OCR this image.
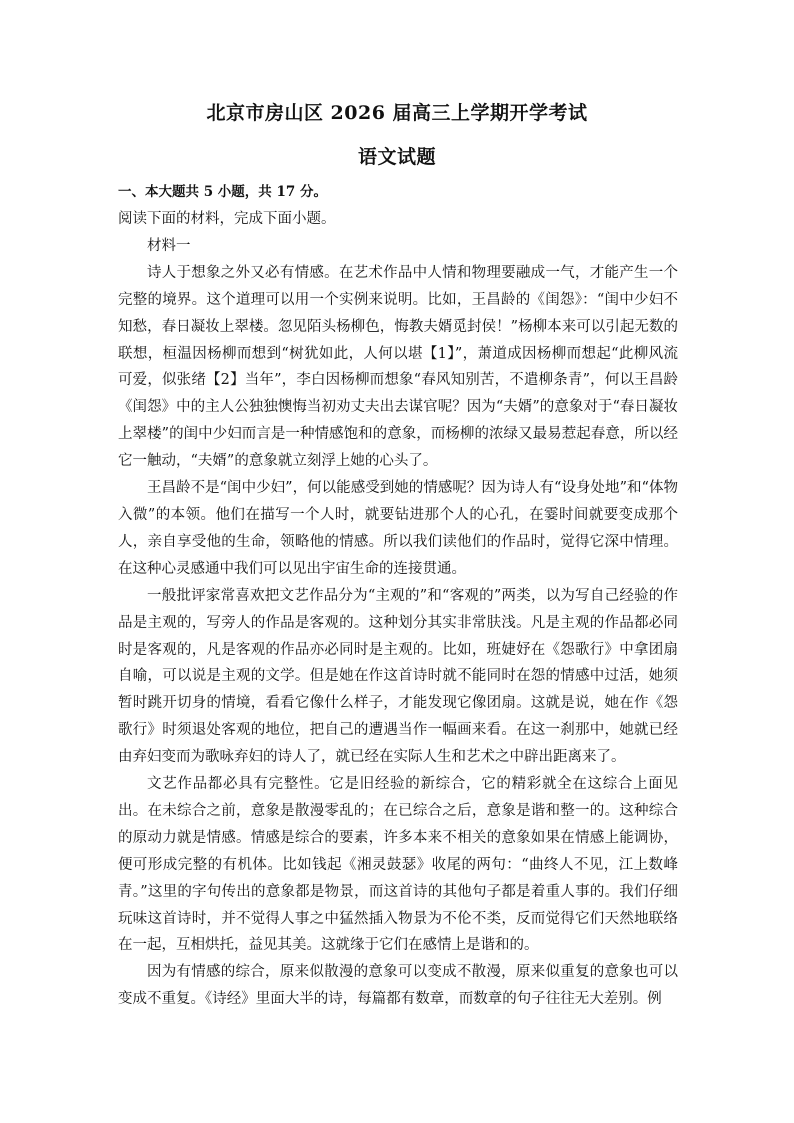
北京市房山区 2026 届高三上学期开学考试
语文试题
一、本大题共 5 小题，共 17 分。

阅读下面的材料，完成下面小题。

材料一

诗人于想象之外又必有情感。在艺术作品中人情和物理要融成一气，才能产生一个完整的境界。这个道理可以用一个实例来说明。比如，王昌龄的《闺怨》：“闺中少妇不知愁，春日凝妆上翠楼。忽见陌头杨柳色，悔教夫婿觅封侯！”杨柳本来可以引起无数的联想，桓温因杨柳而想到“树犹如此，人何以堪【1】”，萧道成因杨柳而想起“此柳风流可爱，似张绪【2】当年”，李白因杨柳而想象“春风知别苦，不遣柳条青”，何以王昌龄《闺怨》中的主人公独独懊悔当初劝丈夫出去谋官呢？因为“夫婿”的意象对于“春日凝妆上翠楼”的闺中少妇而言是一种情感饱和的意象，而杨柳的浓绿又最易惹起春意，所以经它一触动，“夫婿”的意象就立刻浮上她的心头了。

王昌龄不是“闺中少妇”，何以能感受到她的情感呢？因为诗人有“设身处地”和“体物入微”的本领。他们在描写一个人时，就要钻进那个人的心孔，在霎时间就要变成那个人，亲自享受他的生命，领略他的情感。所以我们读他们的作品时，觉得它深中情理。在这种心灵感通中我们可以见出宇宙生命的连接贯通。

一般批评家常喜欢把文艺作品分为“主观的”和“客观的”两类，以为写自己经验的作品是主观的，写旁人的作品是客观的。这种划分其实非常肤浅。凡是主观的作品都必同时是客观的，凡是客观的作品亦必同时是主观的。比如，班婕妤在《怨歌行》中拿团扇自喻，可以说是主观的文学。但是她在作这首诗时就不能同时在怨的情感中过活，她须暂时跳开切身的情境，看看它像什么样子，才能发现它像团扇。这就是说，她在作《怨歌行》时须退处客观的地位，把自己的遭遇当作一幅画来看。在这一刹那中，她就已经由弃妇变而为歌咏弃妇的诗人了，就已经在实际人生和艺术之中辟出距离来了。

文艺作品都必具有完整性。它是旧经验的新综合，它的精彩就全在这综合上面见出。在未综合之前，意象是散漫零乱的；在已综合之后，意象是谐和整一的。这种综合的原动力就是情感。情感是综合的要素，许多本来不相关的意象如果在情感上能调协，便可形成完整的有机体。比如钱起《湘灵鼓瑟》收尾的两句：“曲终人不见，江上数峰青。”这里的字句传出的意象都是物景，而这首诗的其他句子都是着重人事的。我们仔细玩味这首诗时，并不觉得人事之中猛然插入物景为不伦不类，反而觉得它们天然地联络在一起，互相烘托，益见其美。这就缘于它们在感情上是谐和的。

因为有情感的综合，原来似散漫的意象可以变成不散漫，原来似重复的意象也可以变成不重复。《诗经》里面大半的诗，每篇都有数章，而数章的句子往往无大差别。例
